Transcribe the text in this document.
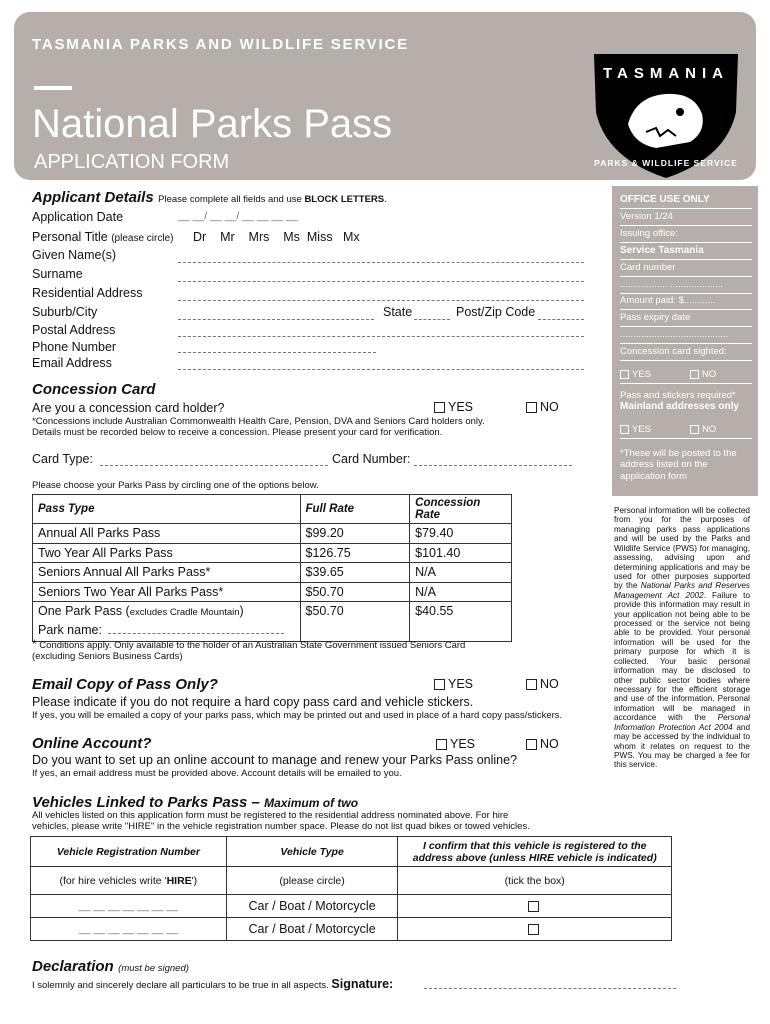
TASMANIA PARKS AND WILDLIFE SERVICE
National Parks Pass
APPLICATION FORM
TASMANIA
PARKS & WILDLIFE SERVICE
Applicant Details Please complete all fields and use BLOCK LETTERS.
Application Date	__ __/ __ __/ __ __ __ __
Personal Title (please circle) Dr    Mr    Mrs    Ms  Miss   Mx
Given Name(s)
Surname
Residential Address
Suburb/City	State	Post/Zip Code
Postal Address
Phone Number
Email Address
Concession Card
Are you a concession card holder?	YES	NO
*Concessions include Australian Commonwealth Health Care, Pension, DVA and Seniors Card holders only.
Details must be recorded below to receive a concession. Please present your card for verification.
Card Type:	Card Number:
Please choose your Parks Pass by circling one of the options below.
Pass Type	Full Rate	Concession Rate
Annual All Parks Pass	$99.20	$79.40
Two Year All Parks Pass	$126.75	$101.40
Seniors Annual All Parks Pass*	$39.65	N/A
Seniors Two Year All Parks Pass*	$50.70	N/A
One Park Pass (excludes Cradle Mountain)
Park name:	$50.70	$40.55
* Conditions apply. Only available to the holder of an Australian State Government issued Seniors Card
(excluding Seniors Business Cards)
Email Copy of Pass Only?	YES	NO
Please indicate if you do not require a hard copy pass card and vehicle stickers.
If yes, you will be emailed a copy of your parks pass, which may be printed out and used in place of a hard copy pass/stickers.
Online Account?	YES	NO
Do you want to set up an online account to manage and renew your Parks Pass online?
If yes, an email address must be provided above. Account details will be emailed to you.
Vehicles Linked to Parks Pass – Maximum of two
All vehicles listed on this application form must be registered to the residential address nominated above. For hire
vehicles, please write "HIRE" in the vehicle registration number space. Please do not list quad bikes or towed vehicles.
Vehicle Registration Number	Vehicle Type	I confirm that this vehicle is registered to the
address above (unless HIRE vehicle is indicated)
(for hire vehicles write 'HIRE')	(please circle)	(tick the box)
__ __ __ __ __ __ __	Car / Boat / Motorcycle	
__ __ __ __ __ __ __	Car / Boat / Motorcycle	
Declaration (must be signed)
I solemnly and sincerely declare all particulars to be true in all aspects. Signature:
OFFICE USE ONLY
Version 1/24
Issuing office:
Service Tasmania
Card number
.................. ....................
Amount paid: $............
Pass expiry date
.........................................
Concession card sighted:
YES	NO
Pass and stickers required*
Mainland addresses only
YES	NO
*These will be posted to the address listed on the application form
Personal information will be collected from you for the purposes of managing parks pass applications and will be used by the Parks and Wildlife Service (PWS) for managing, assessing, advising upon and determining applications and may be used for other purposes supported by the National Parks and Reserves Management Act 2002. Failure to provide this information may result in your application not being able to be processed or the service not being able to be provided. Your personal information will be used for the primary purpose for which it is collected. Your basic personal information may be disclosed to other public sector bodies where necessary for the efficient storage and use of the information. Personal information will be managed in accordance with the Personal Information Protection Act 2004 and may be accessed by the individual to whom it relates on request to the PWS. You may be charged a fee for this service.
